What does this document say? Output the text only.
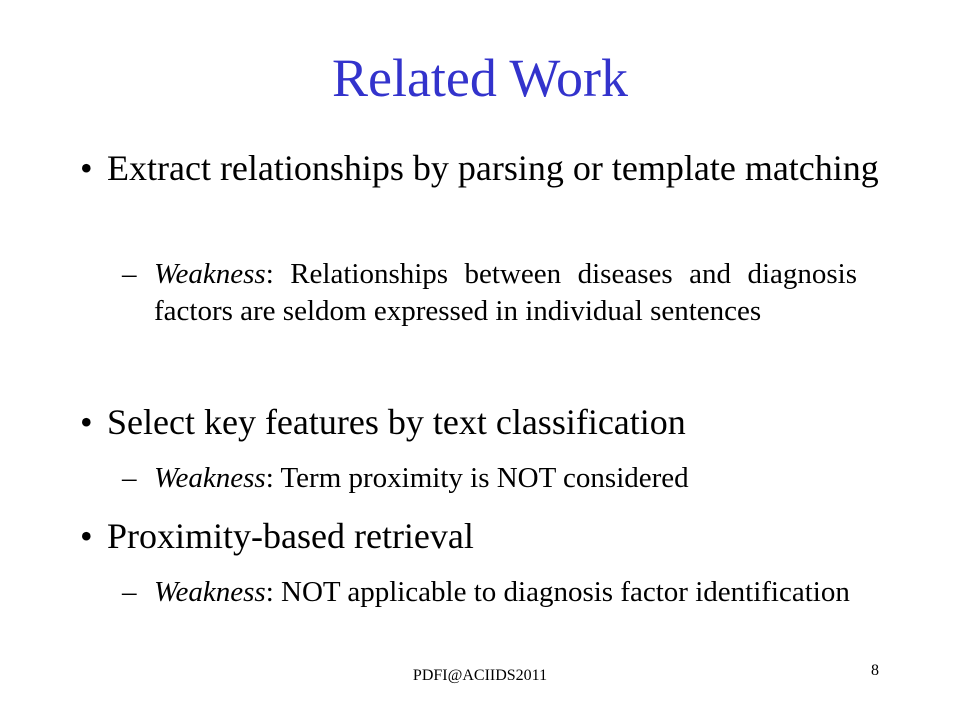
Related Work
• Extract relationships by parsing or template matching
– Weakness: Relationships between diseases and diagnosis factors are seldom expressed in individual sentences
• Select key features by text classification
– Weakness: Term proximity is NOT considered
• Proximity-based retrieval
– Weakness: NOT applicable to diagnosis factor identification
PDFI@ACIIDS2011	8
